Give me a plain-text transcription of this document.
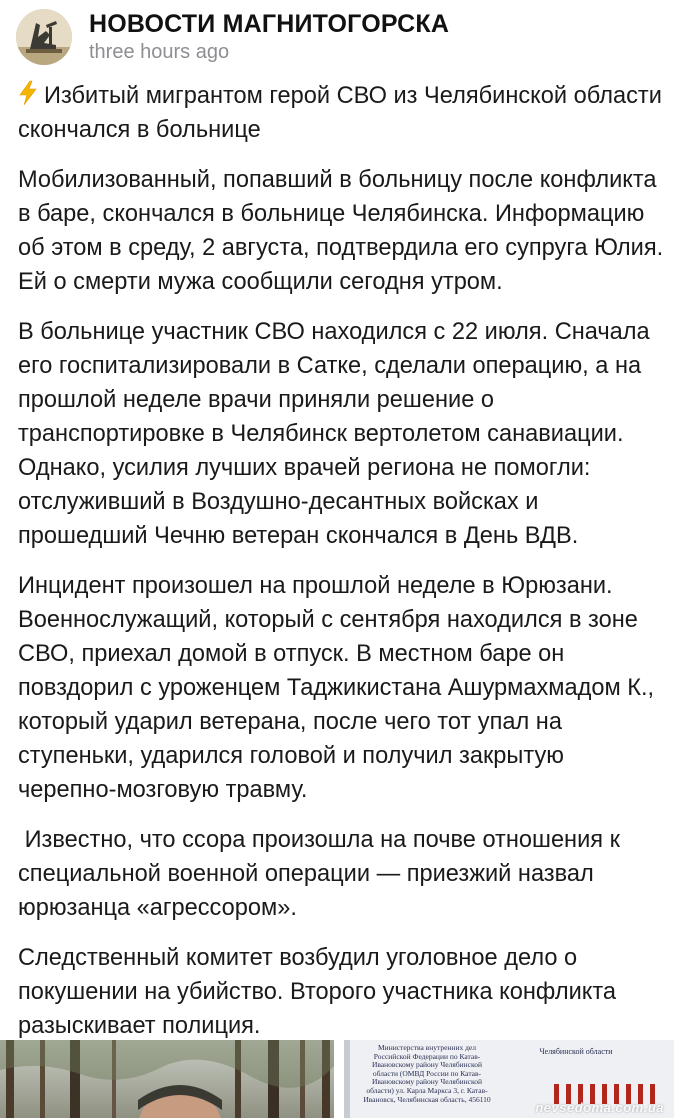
НОВОСТИ МАГНИТОГОРСКА
three hours ago

Избитый мигрантом герой СВО из Челябинской области скончался в больнице

Мобилизованный, попавший в больницу после конфликта в баре, скончался в больнице Челябинска. Информацию об этом в среду, 2 августа, подтвердила его супруга Юлия. Ей о смерти мужа сообщили сегодня утром.

В больнице участник СВО находился с 22 июля. Сначала его госпитализировали в Сатке, сделали операцию, а на прошлой неделе врачи приняли решение о транспортировке в Челябинск вертолетом санавиации. Однако, усилия лучших врачей региона не помогли: отслуживший в Воздушно-десантных войсках и прошедший Чечню ветеран скончался в День ВДВ.

Инцидент произошел на прошлой неделе в Юрюзани. Военнослужащий, который с сентября находился в зоне СВО, приехал домой в отпуск. В местном баре он повздорил с уроженцем Таджикистана Ашурмахмадом К., который ударил ветерана, после чего тот упал на ступеньки, ударился головой и получил закрытую черепно-мозговую травму.

Известно, что ссора произошла на почве отношения к специальной военной операции — приезжий назвал юрюзанца «агрессором».

Следственный комитет возбудил уголовное дело о покушении на убийство. Второго участника конфликта разыскивает полиция.

Министерства внутренних дел Российской Федерации по Катав-Ивановскому району Челябинской области (ОМВД России по Катав-Ивановскому району Челябинской области) ул. Карла Маркса 3, г. Катав-Ивановск, Челябинская область, 456110
Челябинской области
nevsedoma.com.ua
